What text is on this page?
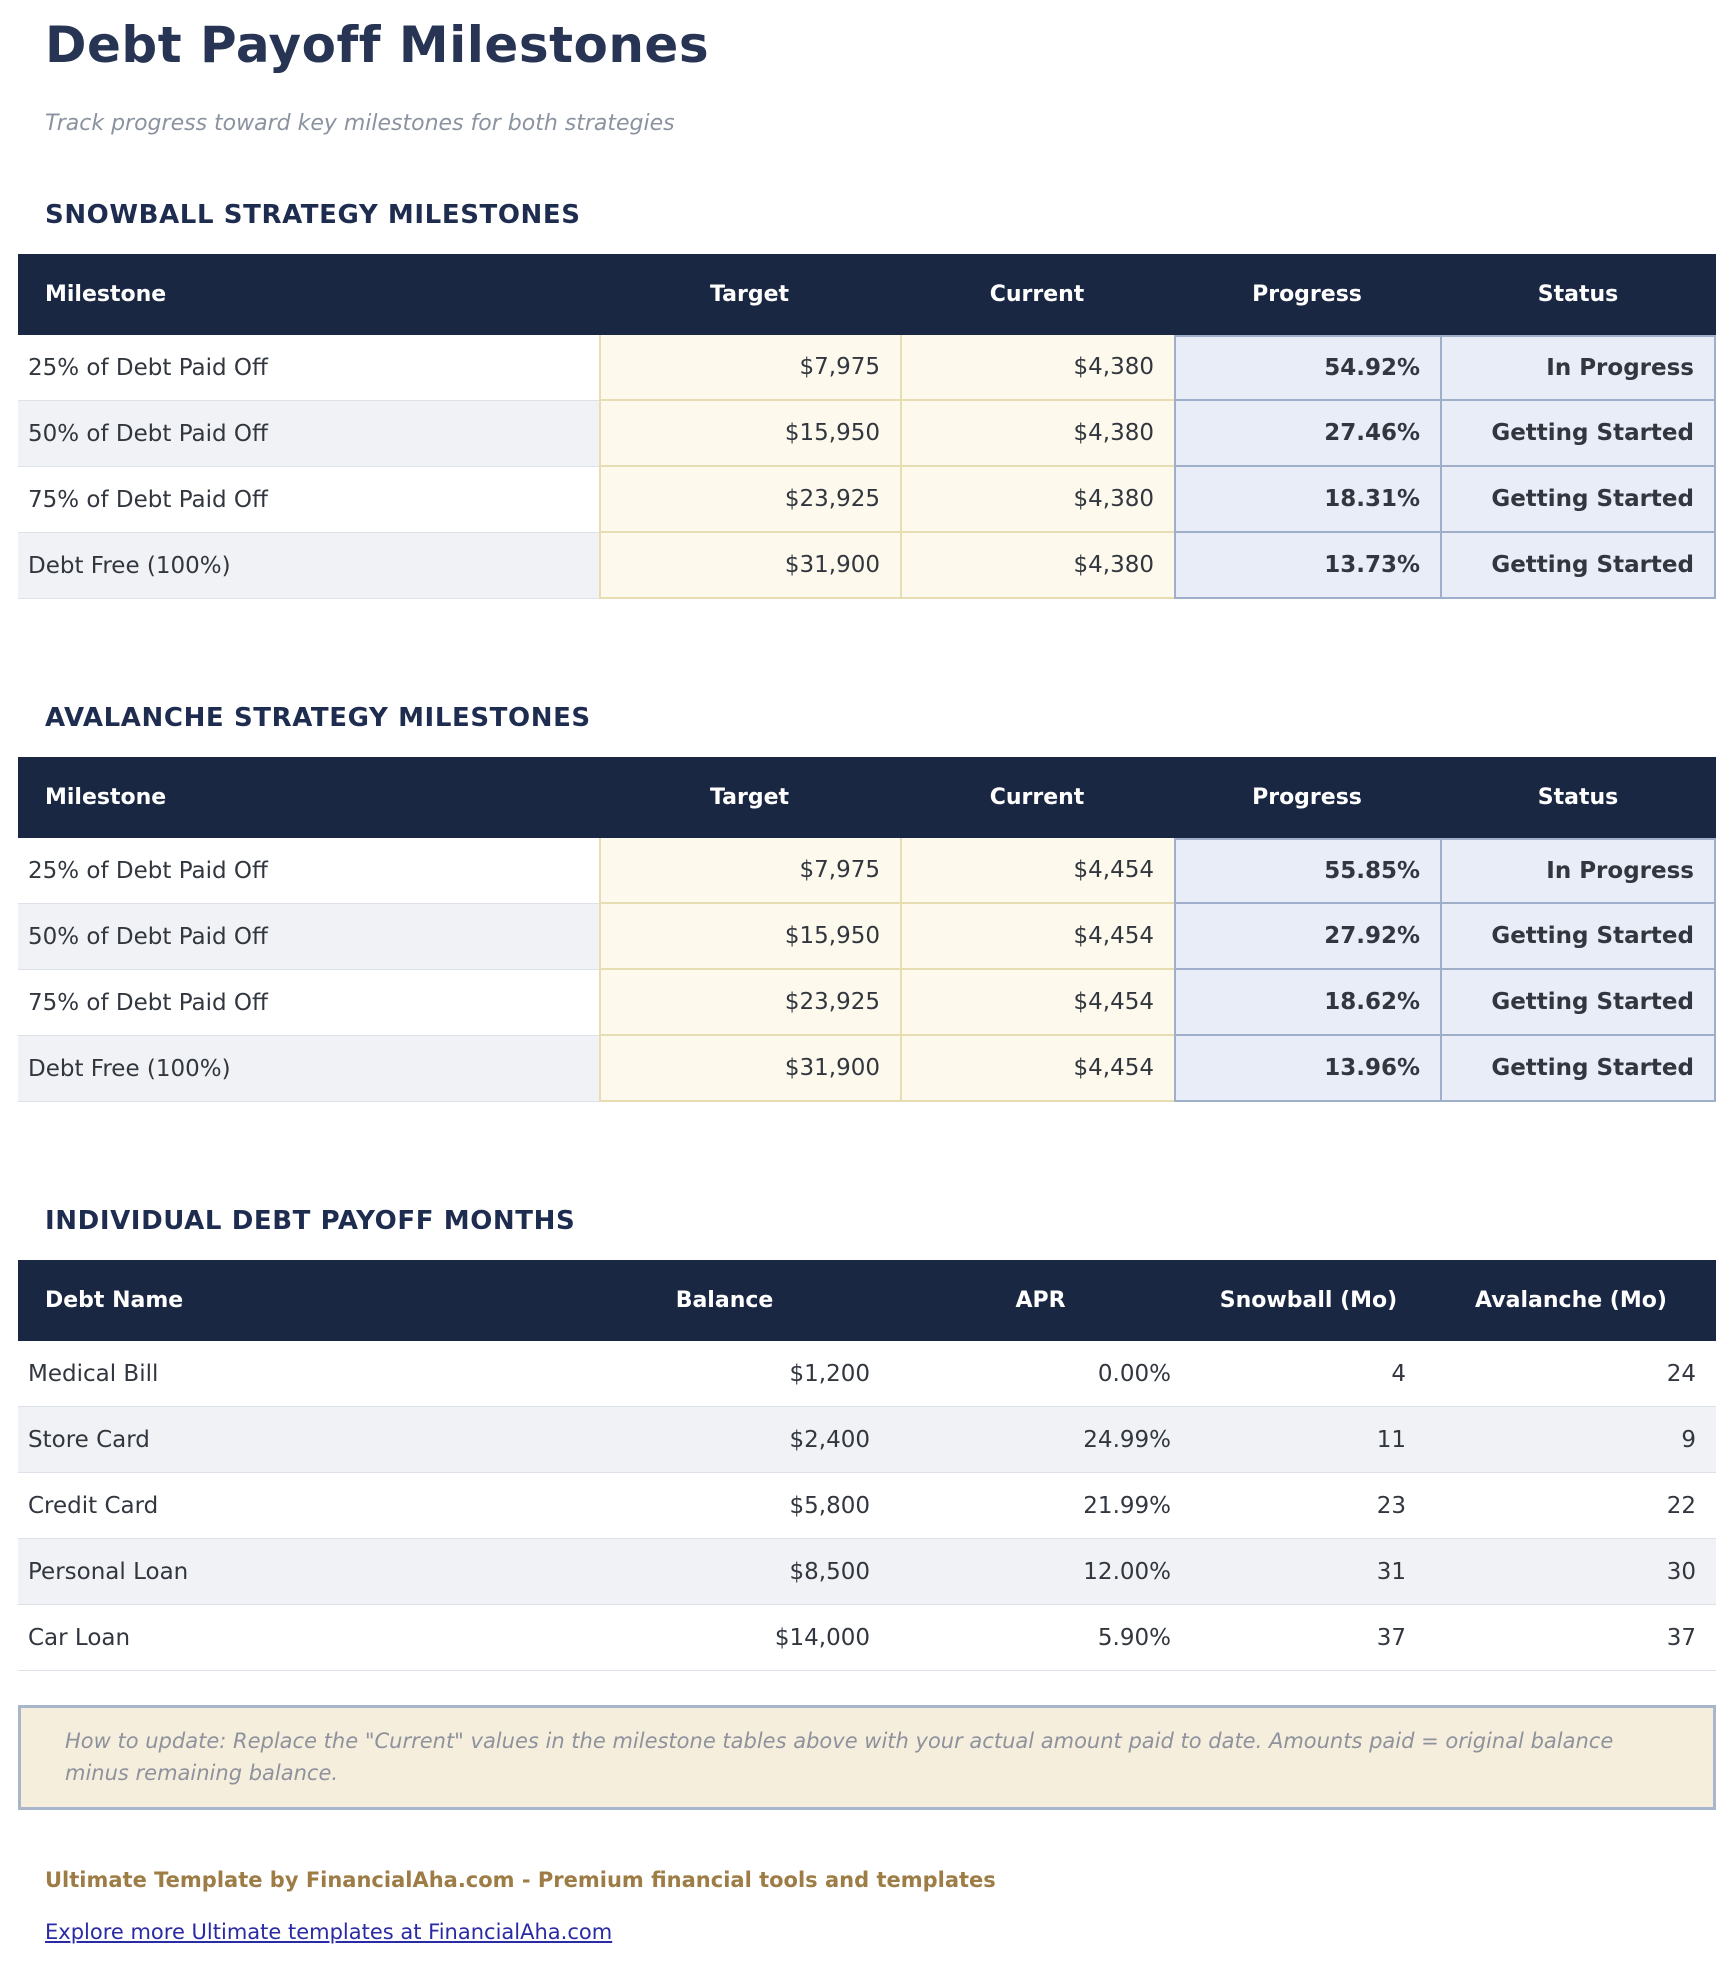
Debt Payoff Milestones

Track progress toward key milestones for both strategies

SNOWBALL STRATEGY MILESTONES
Milestone	Target	Current	Progress	Status
25% of Debt Paid Off	$7,975	$4,380	54.92%	In Progress
50% of Debt Paid Off	$15,950	$4,380	27.46%	Getting Started
75% of Debt Paid Off	$23,925	$4,380	18.31%	Getting Started
Debt Free (100%)	$31,900	$4,380	13.73%	Getting Started
AVALANCHE STRATEGY MILESTONES
Milestone	Target	Current	Progress	Status
25% of Debt Paid Off	$7,975	$4,454	55.85%	In Progress
50% of Debt Paid Off	$15,950	$4,454	27.92%	Getting Started
75% of Debt Paid Off	$23,925	$4,454	18.62%	Getting Started
Debt Free (100%)	$31,900	$4,454	13.96%	Getting Started
INDIVIDUAL DEBT PAYOFF MONTHS
Debt Name	Balance	APR	Snowball (Mo)	Avalanche (Mo)
Medical Bill	$1,200	0.00%	4	24
Store Card	$2,400	24.99%	11	9
Credit Card	$5,800	21.99%	23	22
Personal Loan	$8,500	12.00%	31	30
Car Loan	$14,000	5.90%	37	37
How to update: Replace the "Current" values in the milestone tables above with your actual amount paid to date. Amounts paid = original balance minus remaining balance.

Ultimate Template by FinancialAha.com - Premium financial tools and templates

Explore more Ultimate templates at FinancialAha.com
